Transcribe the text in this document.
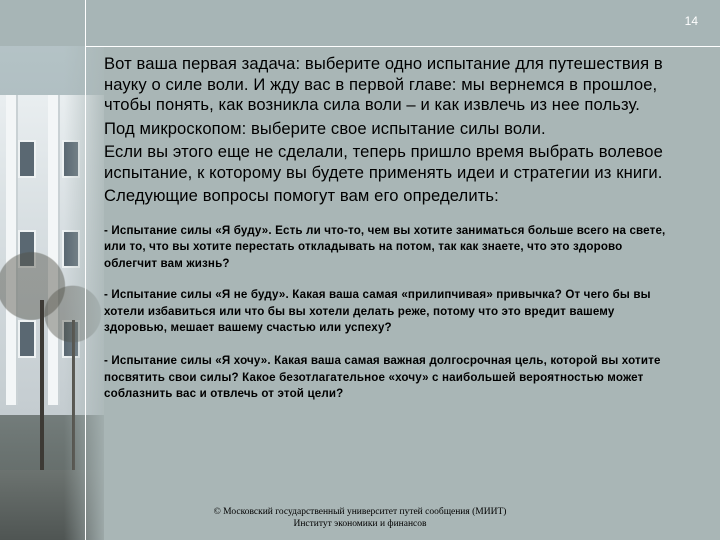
14

Вот ваша первая задача: выберите одно испытание для путешествия в науку о силе воли. И жду вас в первой главе: мы вернемся в прошлое, чтобы понять, как возникла сила воли – и как извлечь из нее пользу.

Под микроскопом: выберите свое испытание силы воли.

Если вы этого еще не сделали, теперь пришло время выбрать волевое испытание, к которому вы будете применять идеи и стратегии из книги.

Следующие вопросы помогут вам его определить:

- Испытание силы «Я буду». Есть ли что-то, чем вы хотите заниматься больше всего на свете, или то, что вы хотите перестать откладывать на потом, так как знаете, что это здорово облегчит вам жизнь?

- Испытание силы «Я не буду». Какая ваша самая «прилипчивая» привычка? От чего бы вы хотели избавиться или что бы вы хотели делать реже, потому что это вредит вашему здоровью, мешает вашему счастью или успеху?

- Испытание силы «Я хочу». Какая ваша самая важная долгосрочная цель, которой вы хотите посвятить свои силы? Какое безотлагательное «хочу» с наибольшей вероятностью может соблазнить вас и отвлечь от этой цели?

© Московский государственный университет путей сообщения (МИИТ)
Институт экономики и финансов
